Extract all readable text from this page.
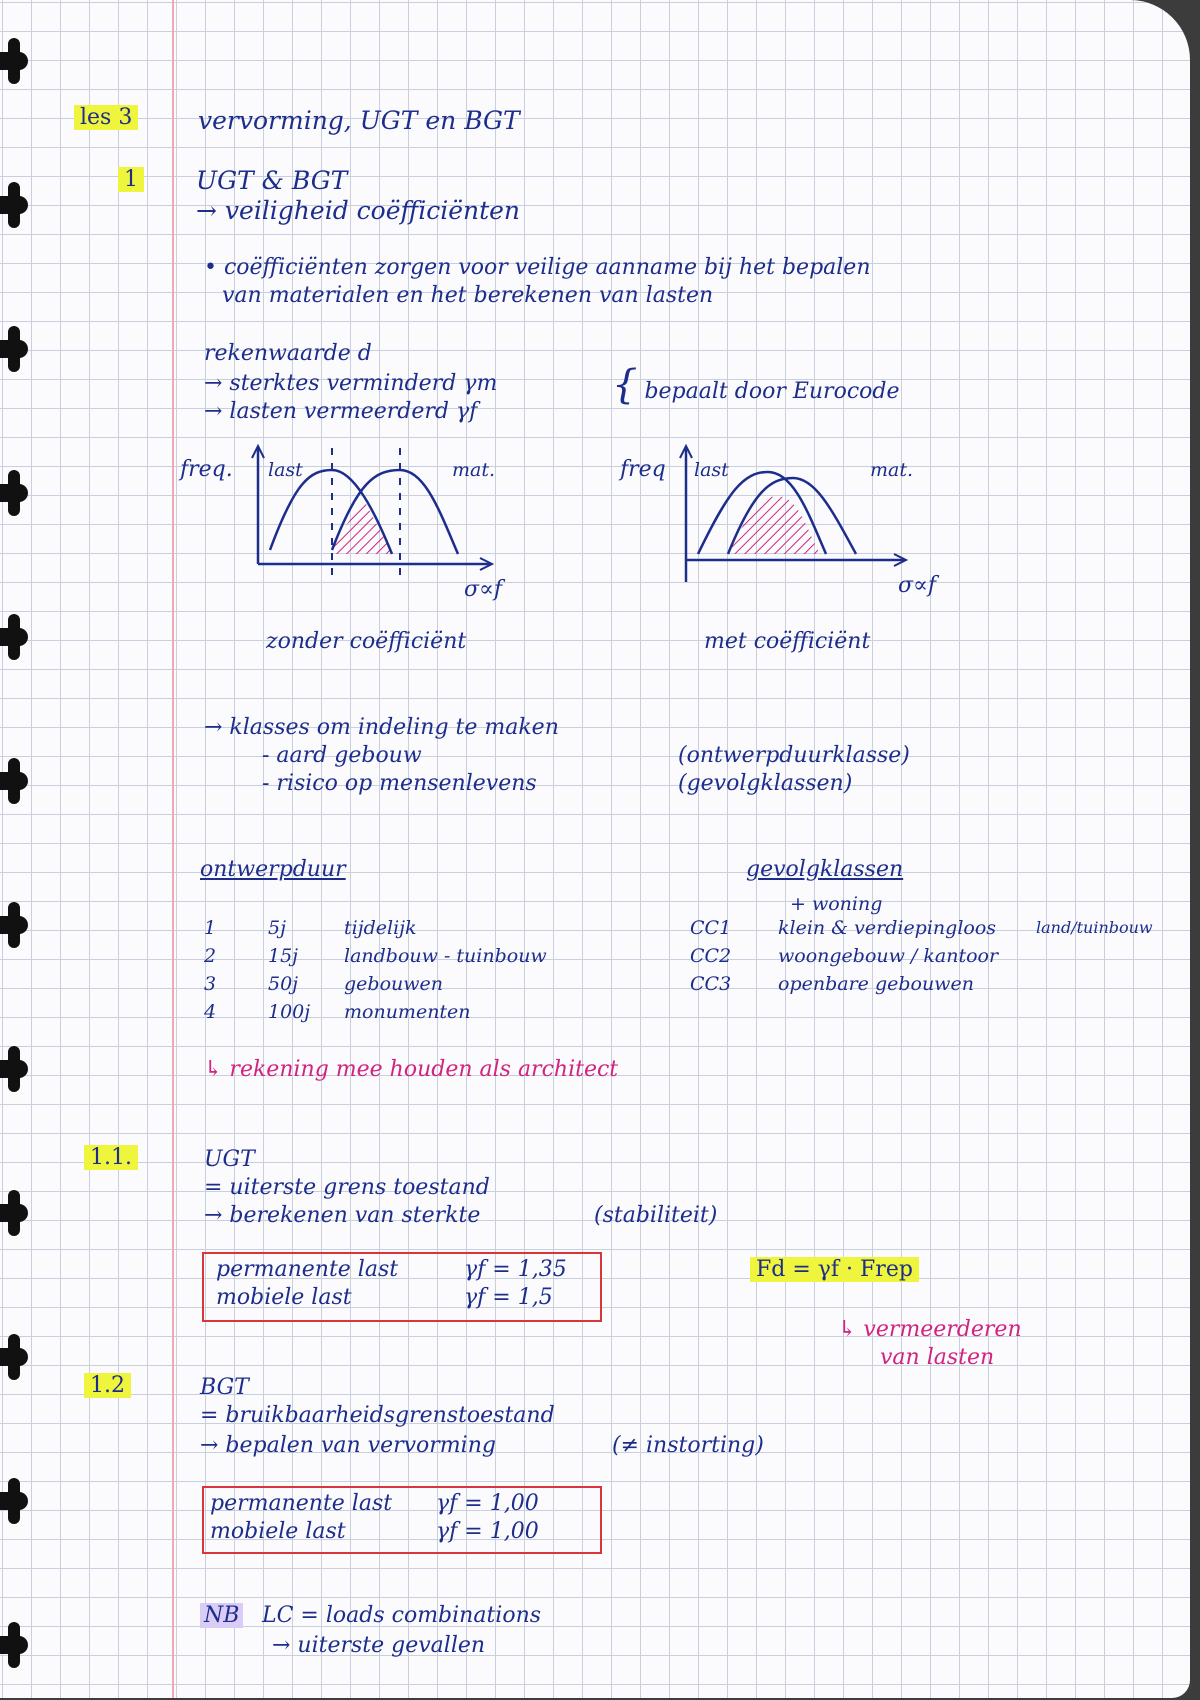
les 3	vervorming, UGT en BGT
1 UGT & BGT
→ veiligheid coëfficiënten
• coëfficiënten zorgen voor veilige aanname bij het bepalen
van materialen en het berekenen van lasten
rekenwaarde d
→ sterktes verminderd γm
→ lasten vermeerderd γf
{ bepaalt door Eurocode
freq. last	mat.
σ∝f
zonder coëfficiënt
freq last	mat.
σ∝f
met coëfficiënt
→ klasses om indeling te maken
- aard gebouw
- risico op mensenlevens
(ontwerpduurklasse)
(gevolgklassen)
ontwerpduur
1	5j	tijdelijk
2	15j landbouw - tuinbouw
3	50j gebouwen
4	100j monumenten
gevolgklassen
+ woning
CC1 klein & verdiepingloos land/tuinbouw
CC2 woongebouw / kantoor
CC3 openbare gebouwen
↳ rekening mee houden als architect
1.1.	UGT
= uiterste grens toestand
→ berekenen van sterkte	(stabiliteit)
permanente last	γf = 1,35
mobiele last	γf = 1,5
Fd = γf · Frep
↳ vermeerderen
van lasten
1.2	BGT
= bruikbaarheidsgrenstoestand
→ bepalen van vervorming	(≠ instorting)
permanente last γf = 1,00
mobiele last	γf = 1,00
NB LC = loads combinations
→ uiterste gevallen
